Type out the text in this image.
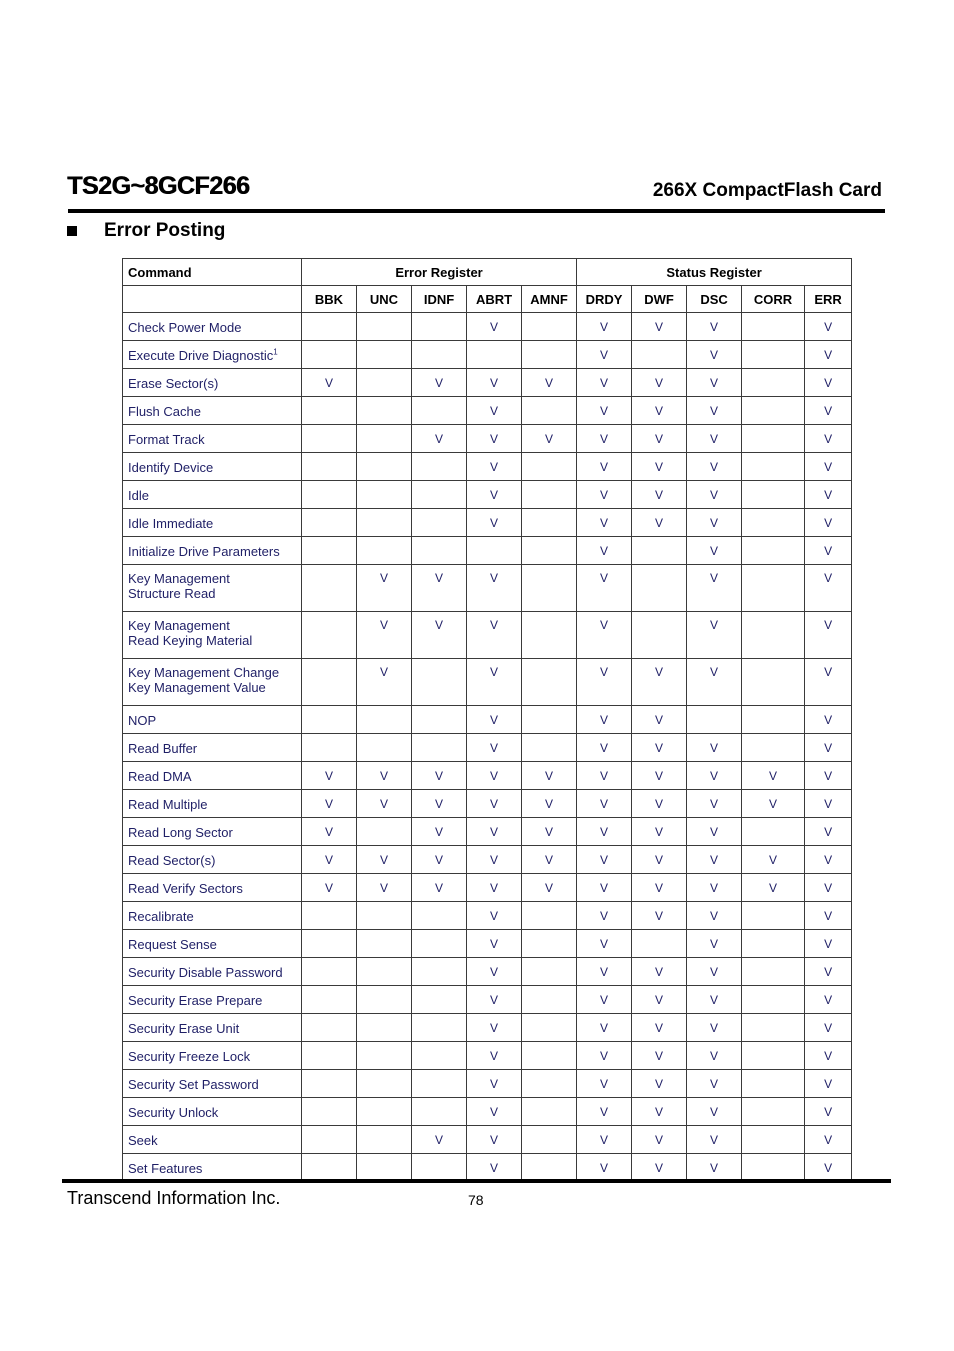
TS2G~8GCF266	266X CompactFlash Card
Error Posting
Command	Error Register					Status Register				
	BBK	UNC	IDNF	ABRT	AMNF	DRDY	DWF	DSC	CORR	ERR
Check Power Mode				V		V	V	V		V
Execute Drive Diagnostic$^1$						V		V		V
Erase Sector(s)	V		V	V	V	V	V	V		V
Flush Cache				V		V	V	V		V
Format Track			V	V	V	V	V	V		V
Identify Device				V		V	V	V		V
Idle				V		V	V	V		V
Idle Immediate				V		V	V	V		V
Initialize Drive Parameters						V		V		V
Key Management
Structure Read		V	V	V		V		V		V
Key Management
Read Keying Material		V	V	V		V		V		V
Key Management Change
Key Management Value		V		V		V	V	V		V
NOP				V		V	V			V
Read Buffer				V		V	V	V		V
Read DMA	V	V	V	V	V	V	V	V	V	V
Read Multiple	V	V	V	V	V	V	V	V	V	V
Read Long Sector	V		V	V	V	V	V	V		V
Read Sector(s)	V	V	V	V	V	V	V	V	V	V
Read Verify Sectors	V	V	V	V	V	V	V	V	V	V
Recalibrate				V		V	V	V		V
Request Sense				V		V		V		V
Security Disable Password				V		V	V	V		V
Security Erase Prepare				V		V	V	V		V
Security Erase Unit				V		V	V	V		V
Security Freeze Lock				V		V	V	V		V
Security Set Password				V		V	V	V		V
Security Unlock				V		V	V	V		V
Seek			V	V		V	V	V		V
Set Features				V		V	V	V		V
Transcend Information Inc.	78
